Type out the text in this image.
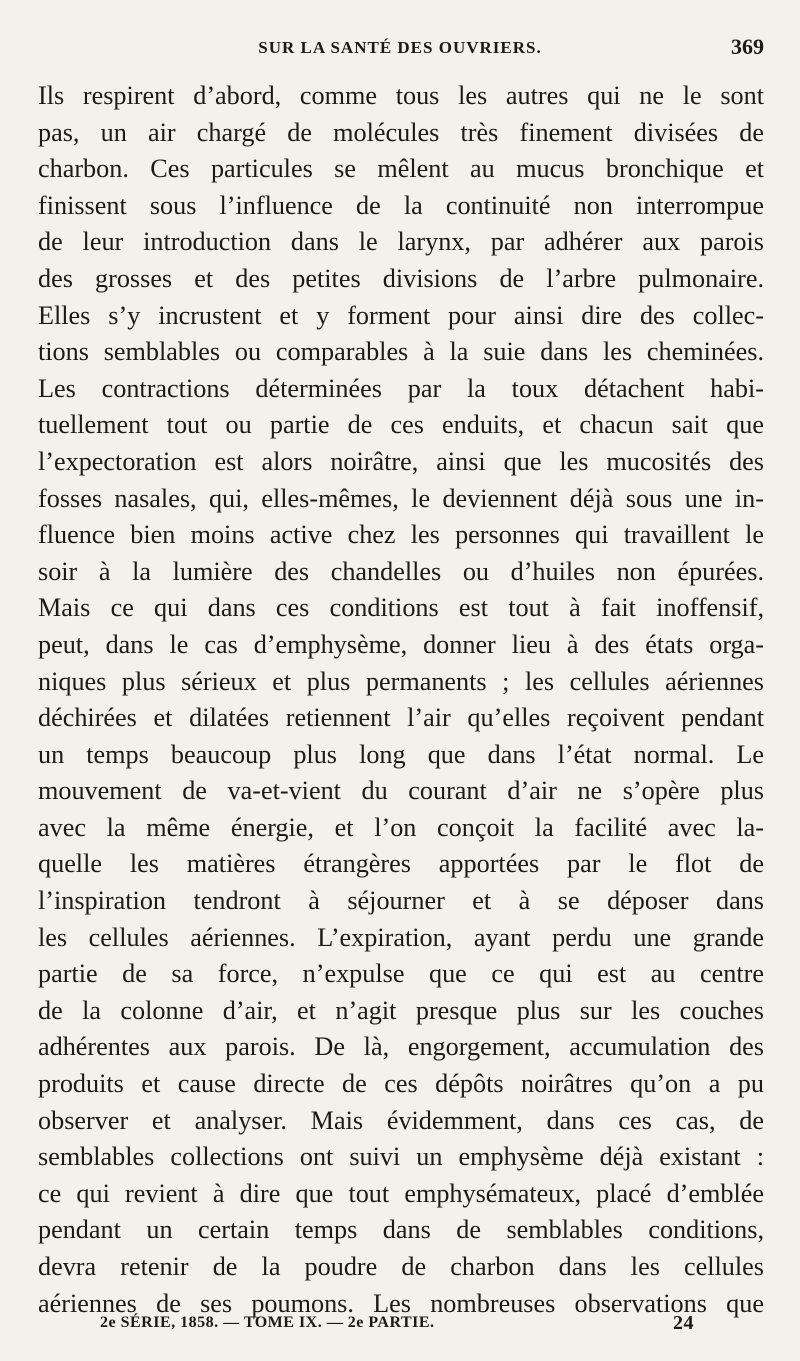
SUR LA SANTÉ DES OUVRIERS.	369
Ils respirent d’abord, comme tous les autres qui ne le sont
pas, un air chargé de molécules très finement divisées de
charbon. Ces particules se mêlent au mucus bronchique et
finissent sous l’influence de la continuité non interrompue
de leur introduction dans le larynx, par adhérer aux parois
des grosses et des petites divisions de l’arbre pulmonaire.
Elles s’y incrustent et y forment pour ainsi dire des collec-
tions semblables ou comparables à la suie dans les cheminées.
Les contractions déterminées par la toux détachent habi-
tuellement tout ou partie de ces enduits, et chacun sait que
l’expectoration est alors noirâtre, ainsi que les mucosités des
fosses nasales, qui, elles-mêmes, le deviennent déjà sous une in-
fluence bien moins active chez les personnes qui travaillent le
soir à la lumière des chandelles ou d’huiles non épurées.
Mais ce qui dans ces conditions est tout à fait inoffensif,
peut, dans le cas d’emphysème, donner lieu à des états orga-
niques plus sérieux et plus permanents ; les cellules aériennes
déchirées et dilatées retiennent l’air qu’elles reçoivent pendant
un temps beaucoup plus long que dans l’état normal. Le
mouvement de va-et-vient du courant d’air ne s’opère plus
avec la même énergie, et l’on conçoit la facilité avec la-
quelle les matières étrangères apportées par le flot de
l’inspiration tendront à séjourner et à se déposer dans
les cellules aériennes. L’expiration, ayant perdu une grande
partie de sa force, n’expulse que ce qui est au centre
de la colonne d’air, et n’agit presque plus sur les couches
adhérentes aux parois. De là, engorgement, accumulation des
produits et cause directe de ces dépôts noirâtres qu’on a pu
observer et analyser. Mais évidemment, dans ces cas, de
semblables collections ont suivi un emphysème déjà existant :
ce qui revient à dire que tout emphysémateux, placé d’emblée
pendant un certain temps dans de semblables conditions,
devra retenir de la poudre de charbon dans les cellules
aériennes de ses poumons. Les nombreuses observations que
2e SÉRIE, 1858. — TOME IX. — 2e PARTIE.	24
